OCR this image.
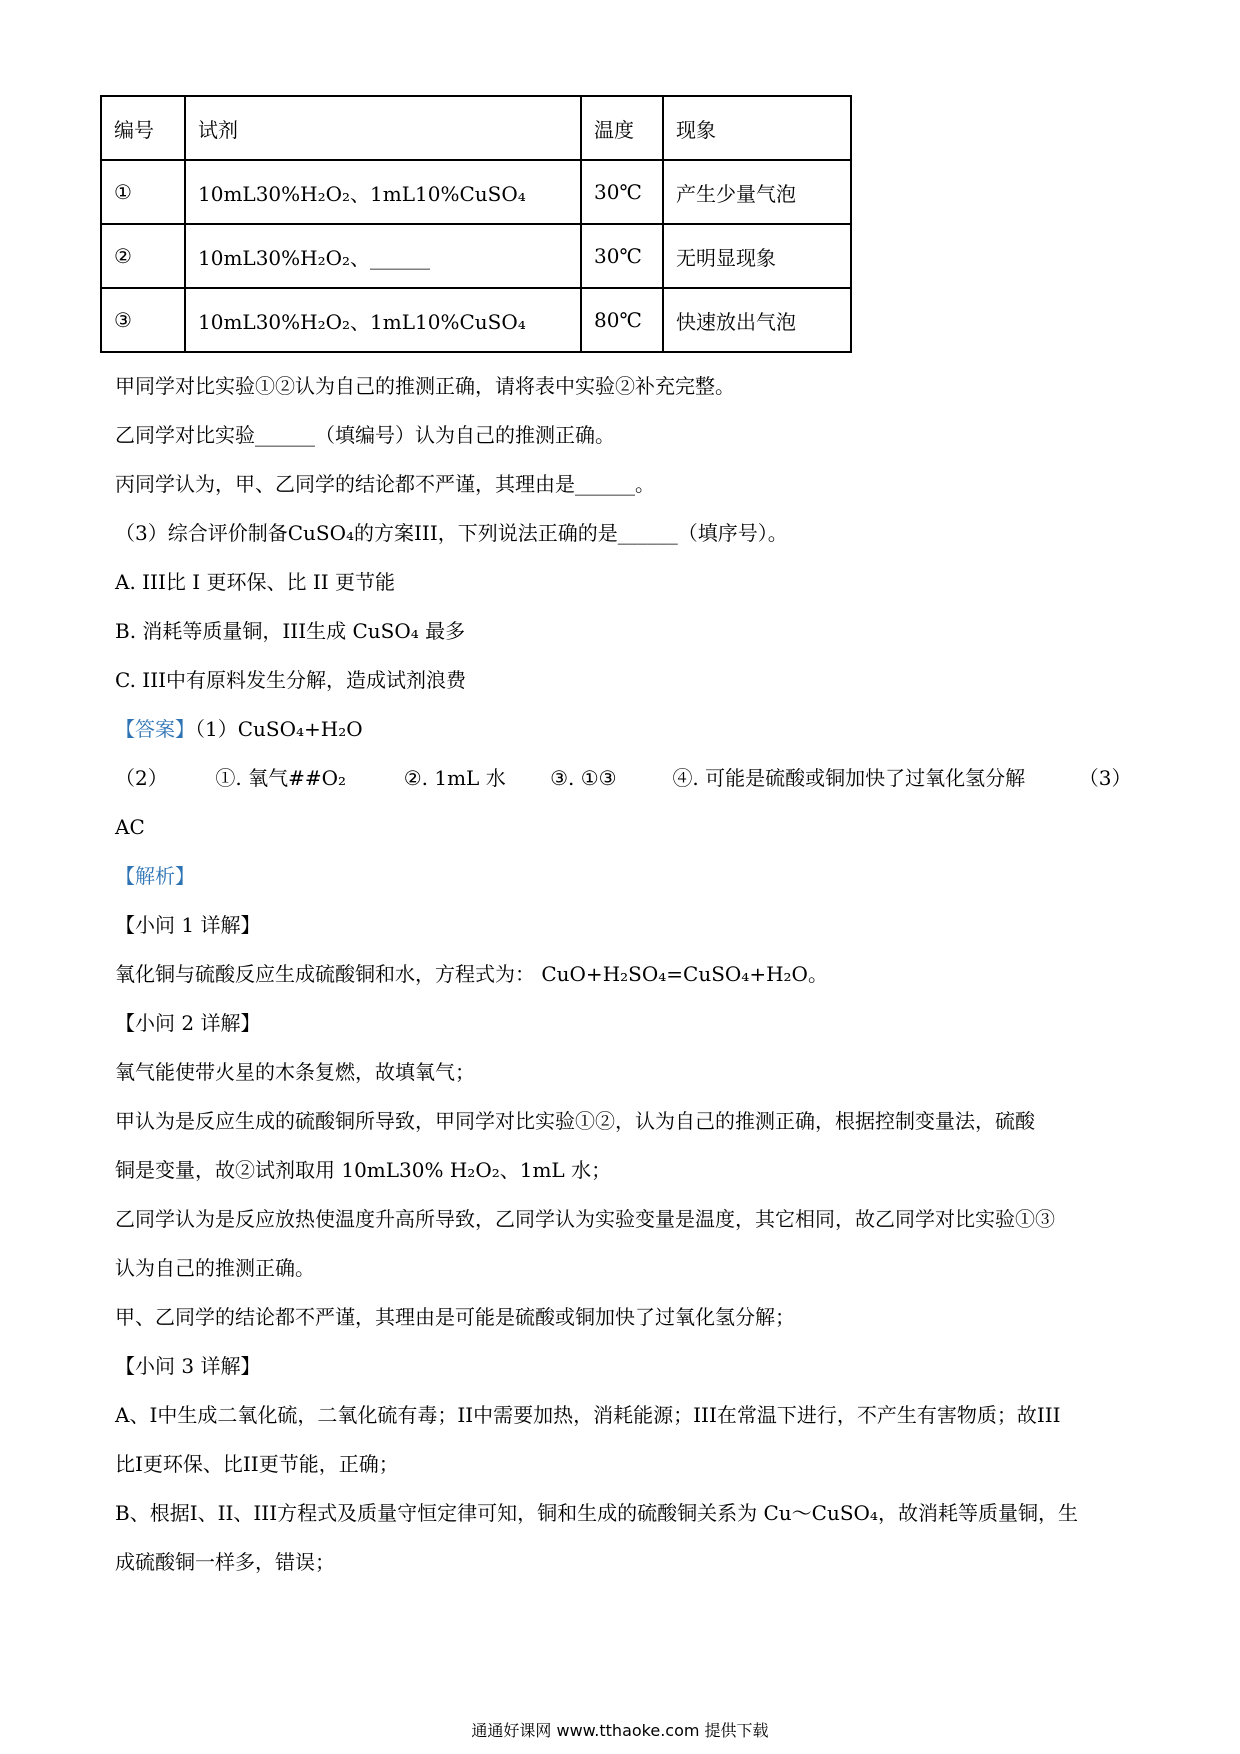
编号	试剂	温度	现象
①	10mL30%H₂O₂、1mL10%CuSO₄	30℃	产生少量气泡
②	10mL30%H₂O₂、______	30℃	无明显现象
③	10mL30%H₂O₂、1mL10%CuSO₄	80℃	快速放出气泡
甲同学对比实验①②认为自己的推测正确，请将表中实验②补充完整。
乙同学对比实验______（填编号）认为自己的推测正确。
丙同学认为，甲、乙同学的结论都不严谨，其理由是______。
（3）综合评价制备CuSO₄的方案III，下列说法正确的是______（填序号）。
A. III比 I 更环保、比 II 更节能
B. 消耗等质量铜，III生成 CuSO₄ 最多
C. III中有原料发生分解，造成试剂浪费
【答案】（1）CuSO₄+H₂O
（2） ①. 氧气##O₂	②. 1mL 水 ③. ①③	④. 可能是硫酸或铜加快了过氧化氢分解	（3）
AC
【解析】
【小问 1 详解】
氧化铜与硫酸反应生成硫酸铜和水，方程式为： CuO+H₂SO₄=CuSO₄+H₂O。
【小问 2 详解】
氧气能使带火星的木条复燃，故填氧气；
甲认为是反应生成的硫酸铜所导致，甲同学对比实验①②，认为自己的推测正确，根据控制变量法，硫酸
铜是变量，故②试剂取用 10mL30% H₂O₂、1mL 水；
乙同学认为是反应放热使温度升高所导致，乙同学认为实验变量是温度，其它相同，故乙同学对比实验①③
认为自己的推测正确。
甲、乙同学的结论都不严谨，其理由是可能是硫酸或铜加快了过氧化氢分解；
【小问 3 详解】
A、I中生成二氧化硫，二氧化硫有毒；II中需要加热，消耗能源；III在常温下进行，不产生有害物质；故III
比I更环保、比II更节能，正确；
B、根据I、II、III方程式及质量守恒定律可知，铜和生成的硫酸铜关系为 Cu～CuSO₄，故消耗等质量铜，生
成硫酸铜一样多，错误；
通通好课网 www.tthaoke.com 提供下载
